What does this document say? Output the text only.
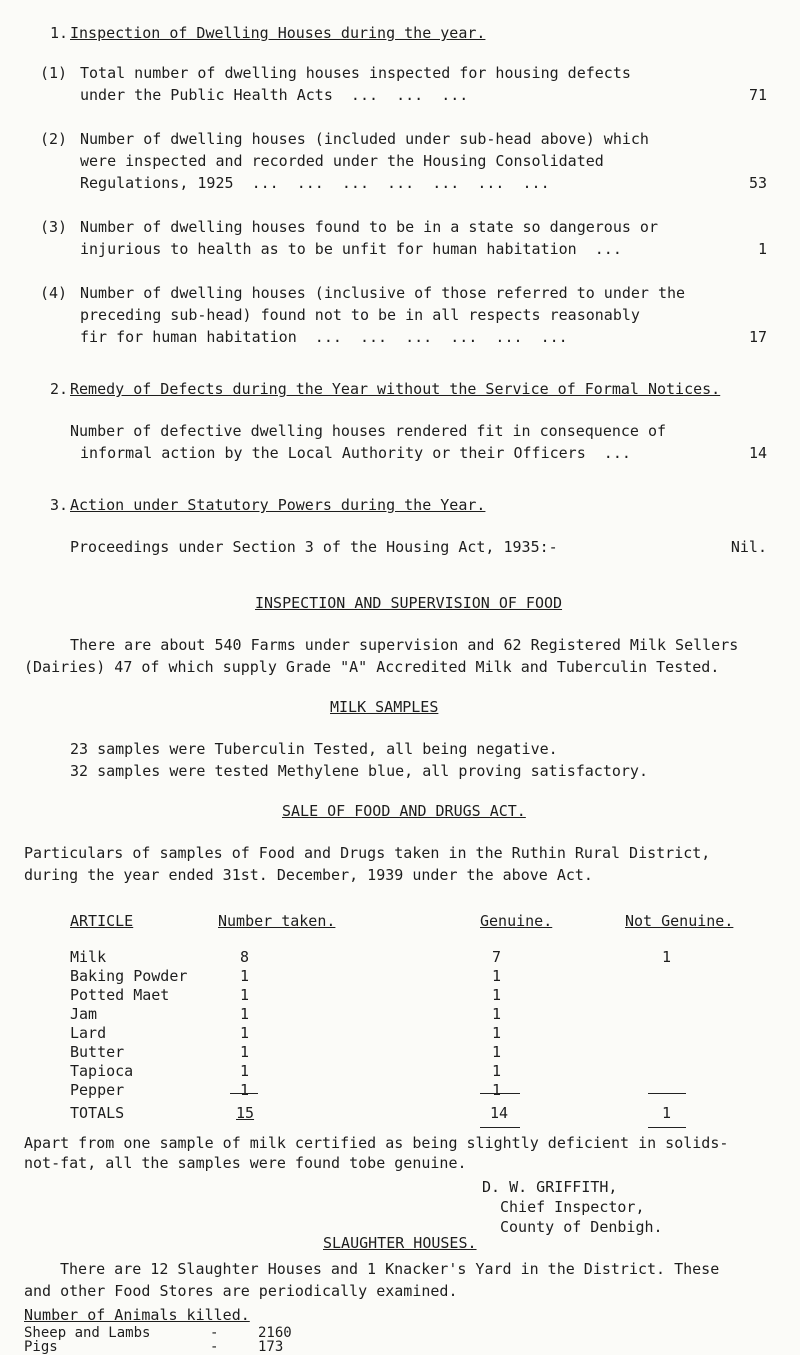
1. Inspection of Dwelling Houses during the year.
(1) Total number of dwelling houses inspected for housing defects
under the Public Health Acts  ...  ...  ...	71
(2) Number of dwelling houses (included under sub-head above) which
were inspected and recorded under the Housing Consolidated
Regulations, 1925  ...  ...  ...  ...  ...  ...  ...	53
(3) Number of dwelling houses found to be in a state so dangerous or
injurious to health as to be unfit for human habitation  ...	1
(4) Number of dwelling houses (inclusive of those referred to under the
preceding sub-head) found not to be in all respects reasonably
fir for human habitation  ...  ...  ...  ...  ...  ...	17
2. Remedy of Defects during the Year without the Service of Formal Notices.
Number of defective dwelling houses rendered fit in consequence of
informal action by the Local Authority or their Officers  ...	14
3. Action under Statutory Powers during the Year.
Proceedings under Section 3 of the Housing Act, 1935:-	Nil.
INSPECTION AND SUPERVISION OF FOOD
There are about 540 Farms under supervision and 62 Registered Milk Sellers
(Dairies) 47 of which supply Grade "A" Accredited Milk and Tuberculin Tested.
MILK SAMPLES
23 samples were Tuberculin Tested, all being negative.
32 samples were tested Methylene blue, all proving satisfactory.
SALE OF FOOD AND DRUGS ACT.
Particulars of samples of Food and Drugs taken in the Ruthin Rural District,
during the year ended 31st. December, 1939 under the above Act.
ARTICLE	Number taken.	Genuine.	Not Genuine.
Milk	8	7	1
Baking Powder	1	1
Potted Maet	1	1
Jam	1	1
Lard	1	1
Butter	1	1
Tapioca	1	1
Pepper	1	1
TOTALS	15	14	1
Apart from one sample of milk certified as being slightly deficient in solids-
not-fat, all the samples were found tobe genuine.
D. W. GRIFFITH,
Chief Inspector,
County of Denbigh.
SLAUGHTER HOUSES.
There are 12 Slaughter Houses and 1 Knacker's Yard in the District. These
and other Food Stores are periodically examined.
Number of Animals killed.
Sheep and Lambs	-	2160
Pigs	-	173
